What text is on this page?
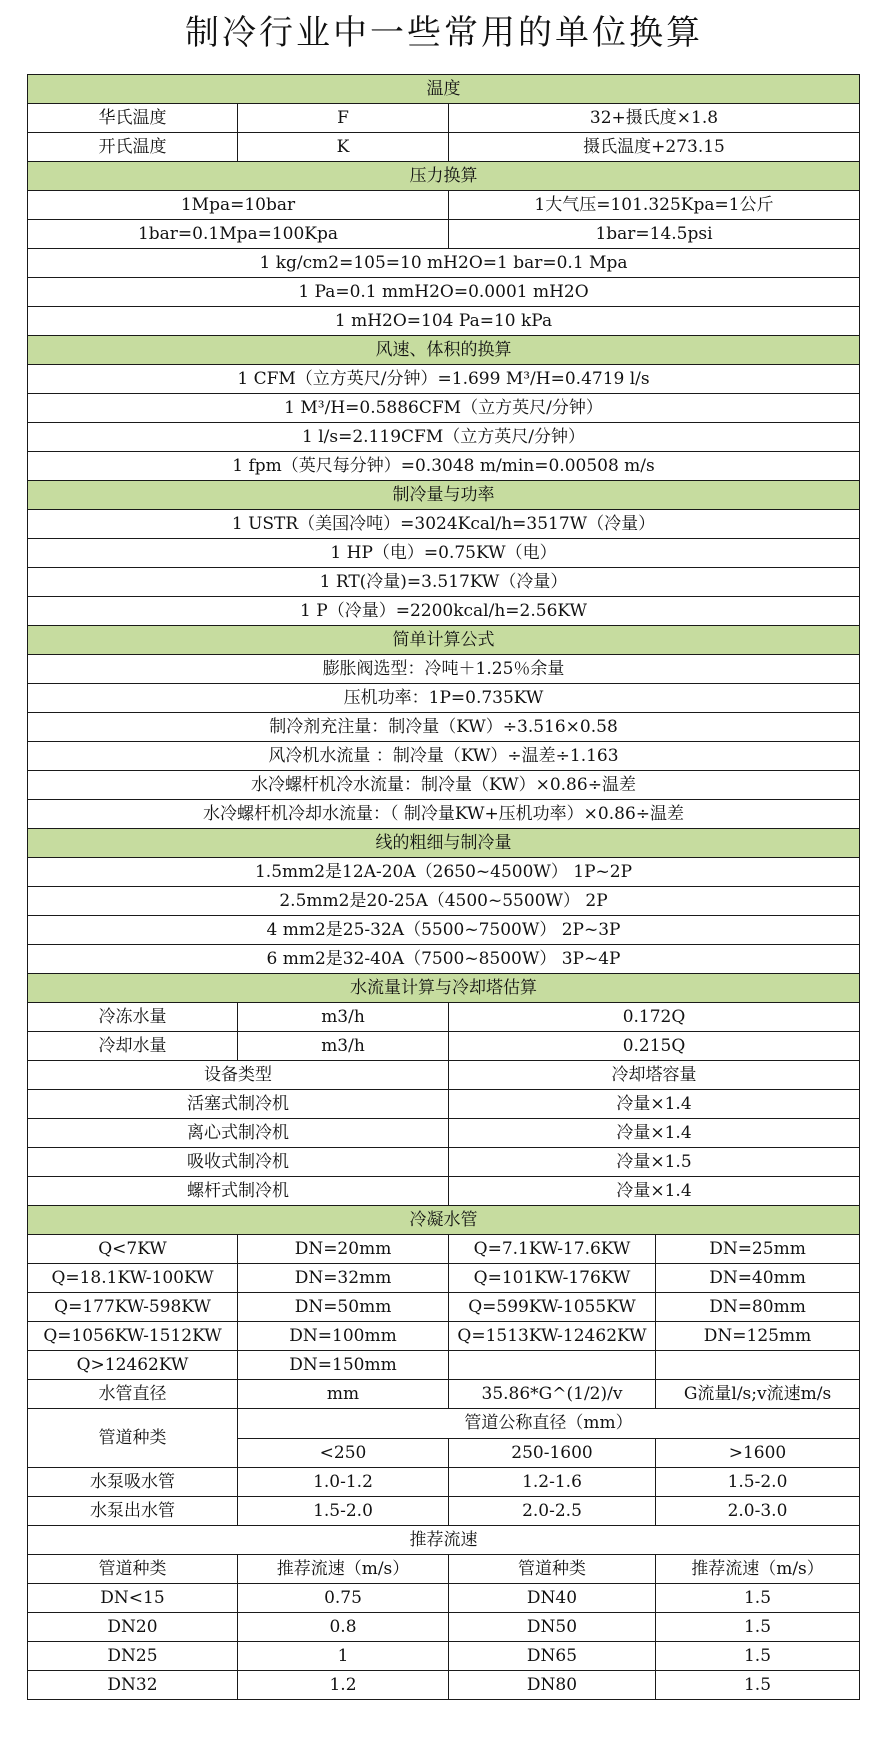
制冷行业中一些常用的单位换算
温度			
华氏温度	F	32+摄氏度×1.8	
开氏温度	K	摄氏温度+273.15	
压力换算			
1Mpa=10bar		1大气压=101.325Kpa=1公斤	
1bar=0.1Mpa=100Kpa		1bar=14.5psi	
1 kg/cm2=105=10 mH2O=1 bar=0.1 Mpa			
1 Pa=0.1 mmH2O=0.0001 mH2O			
1 mH2O=104 Pa=10 kPa			
风速、体积的换算			
1 CFM（立方英尺/分钟）=1.699 M³/H=0.4719 l/s			
1 M³/H=0.5886CFM（立方英尺/分钟）			
1 l/s=2.119CFM（立方英尺/分钟）			
1 fpm（英尺每分钟）=0.3048 m/min=0.00508 m/s			
制冷量与功率			
1 USTR（美国冷吨）=3024Kcal/h=3517W（冷量）			
1 HP（电）=0.75KW（电）			
1 RT(冷量)=3.517KW（冷量）			
1 P（冷量）=2200kcal/h=2.56KW			
简单计算公式			
膨胀阀选型：冷吨＋1.25％余量			
压机功率：1P=0.735KW			
制冷剂充注量：制冷量（KW）÷3.516×0.58			
风冷机水流量 ：制冷量（KW）÷温差÷1.163			
水冷螺杆机冷水流量：制冷量（KW）×0.86÷温差			
水冷螺杆机冷却水流量：（ 制冷量KW+压机功率）×0.86÷温差			
线的粗细与制冷量			
1.5mm2是12A-20A（2650~4500W） 1P~2P			
2.5mm2是20-25A（4500~5500W） 2P			
4 mm2是25-32A（5500~7500W） 2P~3P			
6 mm2是32-40A（7500~8500W） 3P~4P			
水流量计算与冷却塔估算			
冷冻水量	m3/h	0.172Q	
冷却水量	m3/h	0.215Q	
设备类型		冷却塔容量	
活塞式制冷机		冷量×1.4	
离心式制冷机		冷量×1.4	
吸收式制冷机		冷量×1.5	
螺杆式制冷机		冷量×1.4	
冷凝水管			
Q<7KW	DN=20mm	Q=7.1KW-17.6KW	DN=25mm
Q=18.1KW-100KW	DN=32mm	Q=101KW-176KW	DN=40mm
Q=177KW-598KW	DN=50mm	Q=599KW-1055KW	DN=80mm
Q=1056KW-1512KW	DN=100mm	Q=1513KW-12462KW	DN=125mm
Q>12462KW	DN=150mm		
水管直径	mm	35.86*G^(1/2)/v	G流量l/s;v流速m/s
管道种类	管道公称直径（mm）		
	<250	250-1600	>1600
水泵吸水管	1.0-1.2	1.2-1.6	1.5-2.0
水泵出水管	1.5-2.0	2.0-2.5	2.0-3.0
推荐流速			
管道种类	推荐流速（m/s）	管道种类	推荐流速（m/s）
DN<15	0.75	DN40	1.5
DN20	0.8	DN50	1.5
DN25	1	DN65	1.5
DN32	1.2	DN80	1.5
